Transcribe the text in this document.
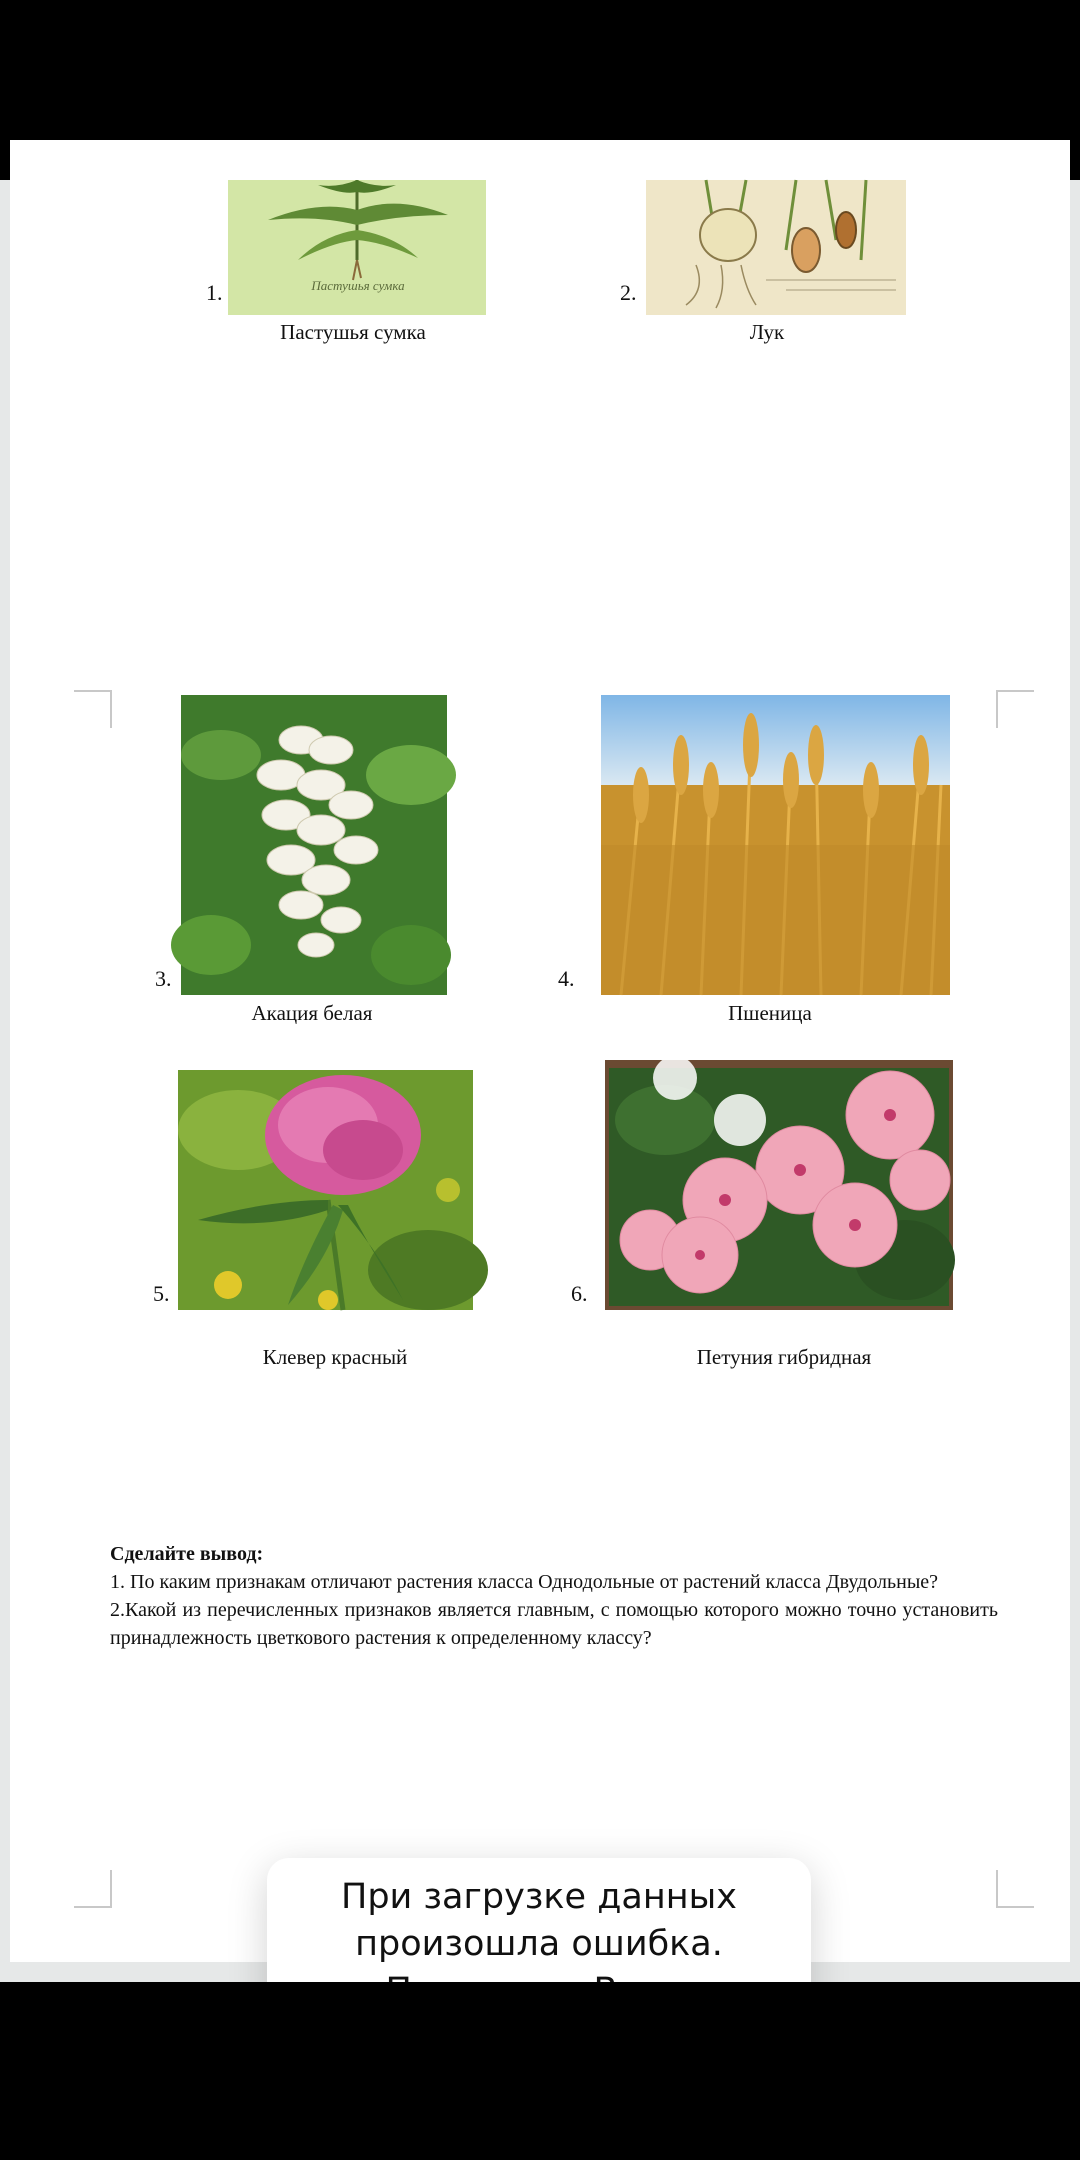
Пастушья сумка
1.
Пастушья сумка
2.
Лук
3.
Акация белая
4.
Пшеница
5.
Клевер красный
6.
Петуния гибридная
Сделайте вывод:

1. По каким признакам отличают растения класса Однодольные от растений класса Двудольные?

2.Какой из перечисленных признаков является главным, с помощью которого можно точно установить принадлежность цветкового растения к определенному классу?

При загрузке данных
произошла ошибка.
